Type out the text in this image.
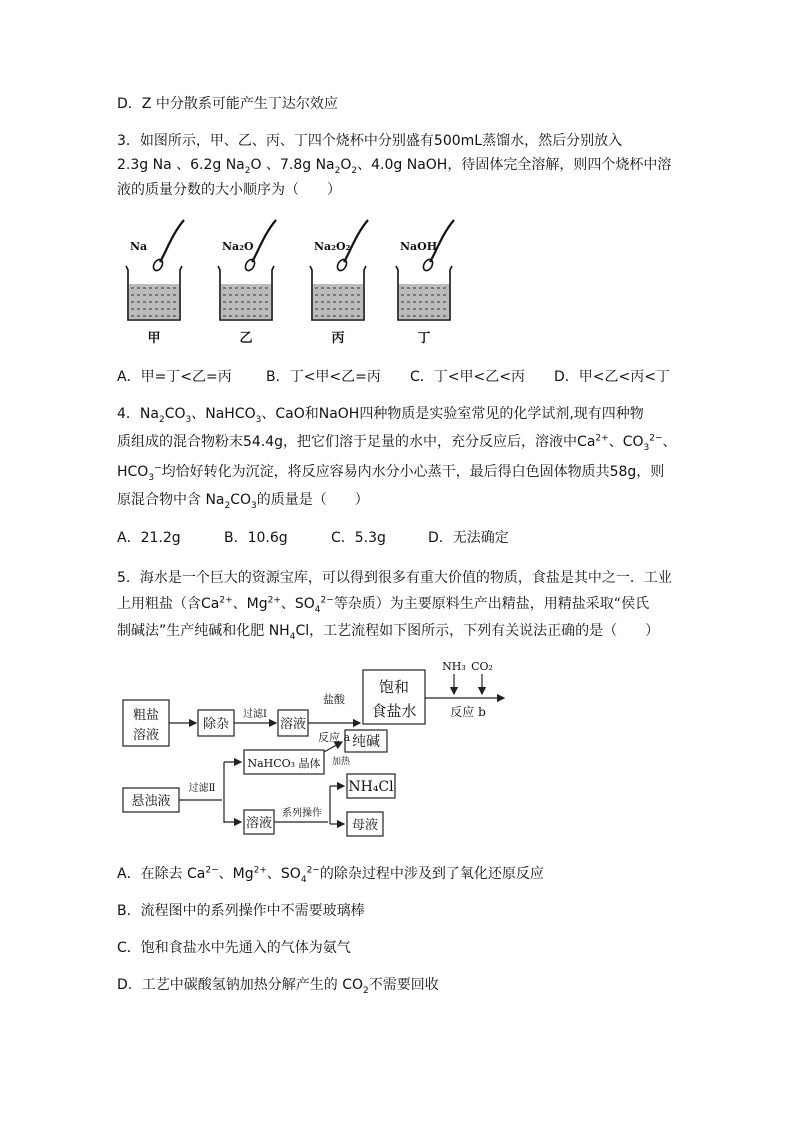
D．Z 中分散系可能产生丁达尔效应
3．如图所示，甲、乙、丙、丁四个烧杯中分别盛有500mL蒸馏水，然后分别放入
2.3g Na 、6.2g $Na_2O$ 、7.8g $Na_2O_2$、4.0g NaOH，待固体完全溶解，则四个烧杯中溶
液的质量分数的大小顺序为（　　）
Na
甲
Na₂O
乙
Na₂O₂
丙
NaOH
丁
A．甲=丁<乙=丙 B．丁<甲<乙=丙 C．丁<甲<乙<丙 D．甲<乙<丙<丁
4．$Na_2CO_3$、NaHCO$_3$、CaO和NaOH四种物质是实验室常见的化学试剂,现有四种物
质组成的混合物粉末54.4g，把它们溶于足量的水中，充分反应后，溶液中$Ca^{2+}$、$CO_3^{2-}$、
$HCO_3^-$均恰好转化为沉淀，将反应容易内水分小心蒸干，最后得白色固体物质共58g，则
原混合物中含 $Na_2CO_3$的质量是（　　）
A．21.2g	B．10.6g	C．5.3g	D．无法确定
5．海水是一个巨大的资源宝库，可以得到很多有重大价值的物质，食盐是其中之一．工业
上用粗盐（含$Ca^{2+}$、$Mg^{2+}$、$SO_4^{2-}$等杂质）为主要原料生产出精盐，用精盐采取“侯氏
制碱法”生产纯碱和化肥 $NH_4Cl$，工艺流程如下图所示，下列有关说法正确的是（　　）
粗盐
溶液
除杂
过滤Ⅰ
溶液
盐酸
反应 a
饱和
食盐水
NH₃ CO₂
反应 b
悬浊液
过滤Ⅱ
NaHCO₃ 晶体 加热
纯碱
溶液
系列操作
NH₄Cl
母液
A．在除去 $Ca^{2-}$、$Mg^{2+}$、$SO_4^{2-}$的除杂过程中涉及到了氧化还原反应
B．流程图中的系列操作中不需要玻璃棒
C．饱和食盐水中先通入的气体为氨气
D．工艺中碳酸氢钠加热分解产生的 $CO_2$不需要回收
